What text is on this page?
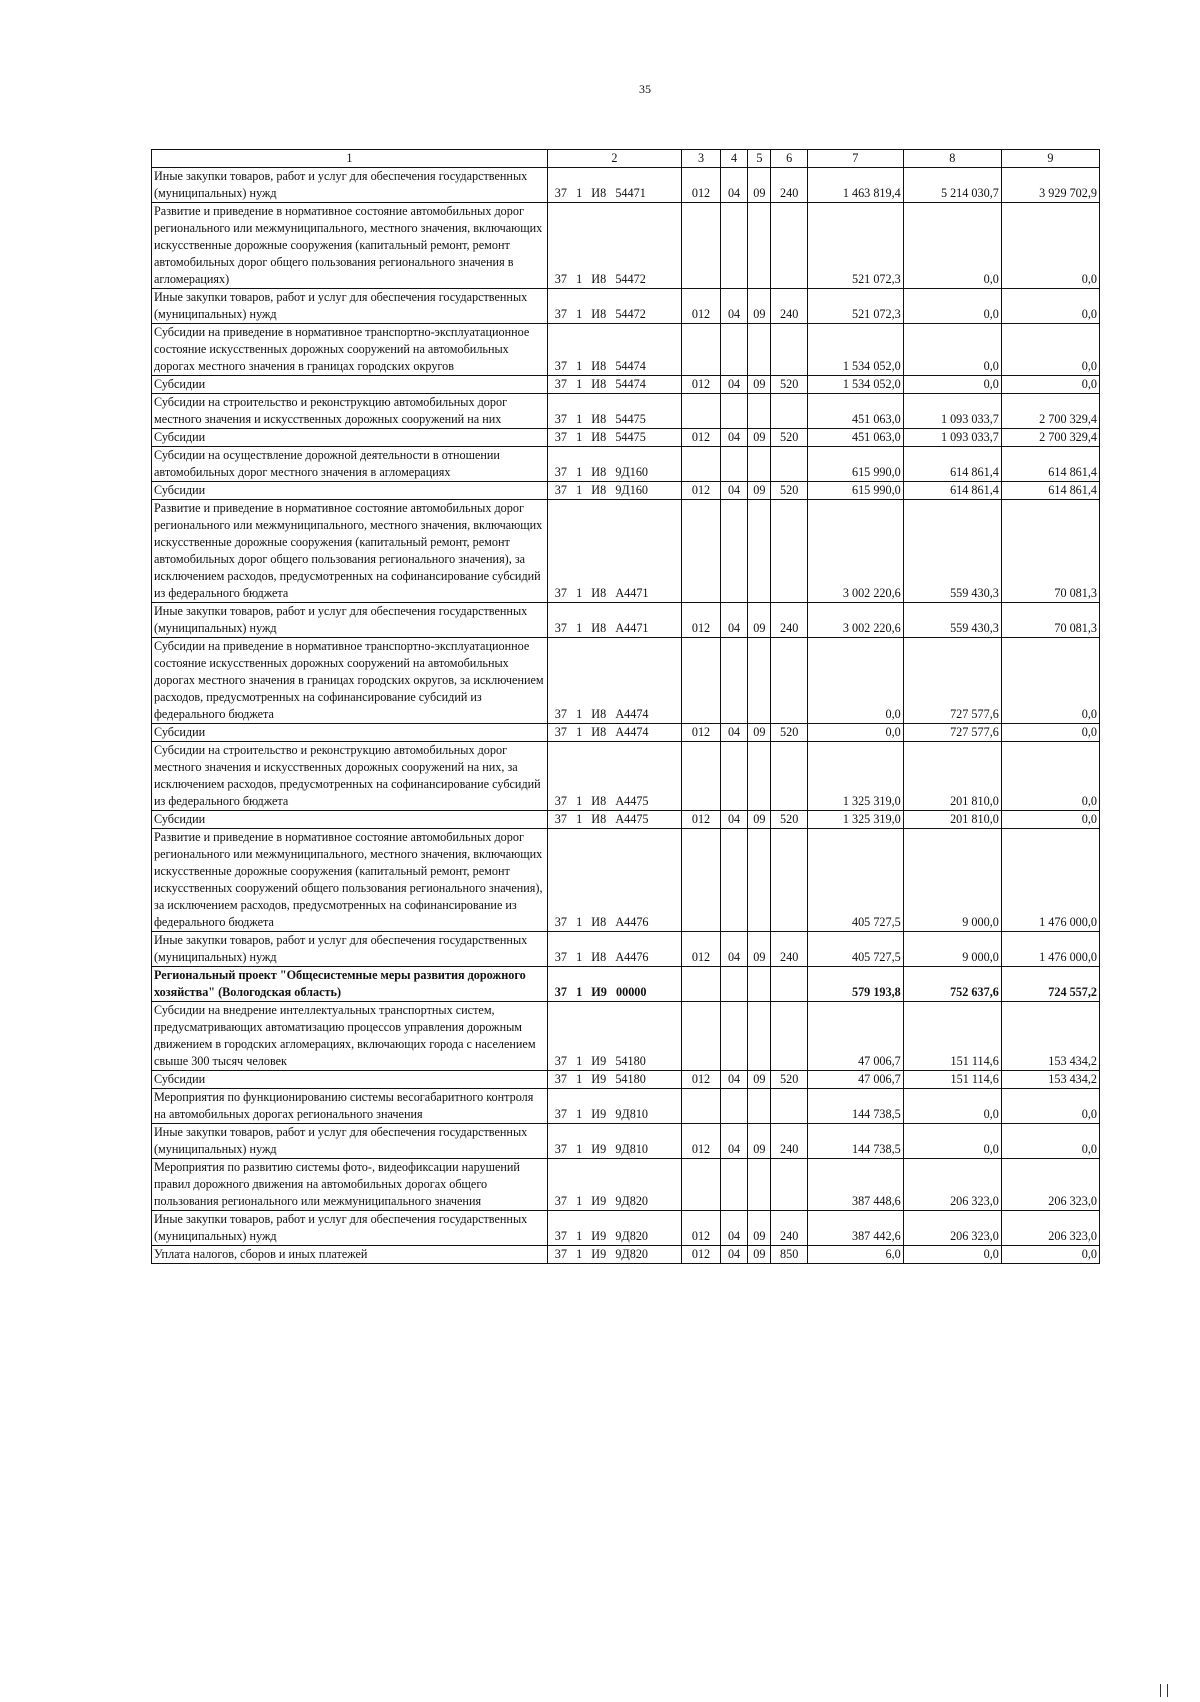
35
1	2	3	4	5	6	7	8	9
Иные закупки товаров, работ и услуг для обеспечения государственных (муниципальных) нужд	37   1   И8   54471	012	04	09	240	1 463 819,4	5 214 030,7	3 929 702,9
Развитие и приведение в нормативное состояние автомобильных дорог регионального или межмуниципального, местного значения, включающих искусственные дорожные сооружения (капитальный ремонт, ремонт автомобильных дорог общего пользования регионального значения в агломерациях)	37   1   И8   54472					521 072,3	0,0	0,0
Иные закупки товаров, работ и услуг для обеспечения государственных (муниципальных) нужд	37   1   И8   54472	012	04	09	240	521 072,3	0,0	0,0
Субсидии на приведение в нормативное транспортно-эксплуатационное состояние искусственных дорожных сооружений на автомобильных дорогах местного значения в границах городских округов	37   1   И8   54474					1 534 052,0	0,0	0,0
Субсидии	37   1   И8   54474	012	04	09	520	1 534 052,0	0,0	0,0
Субсидии на строительство и реконструкцию автомобильных дорог местного значения и искусственных дорожных сооружений на них	37   1   И8   54475					451 063,0	1 093 033,7	2 700 329,4
Субсидии	37   1   И8   54475	012	04	09	520	451 063,0	1 093 033,7	2 700 329,4
Субсидии на осуществление дорожной деятельности в отношении автомобильных дорог местного значения в агломерациях	37   1   И8   9Д160					615 990,0	614 861,4	614 861,4
Субсидии	37   1   И8   9Д160	012	04	09	520	615 990,0	614 861,4	614 861,4
Развитие и приведение в нормативное состояние автомобильных дорог регионального или межмуниципального, местного значения, включающих искусственные дорожные сооружения (капитальный ремонт, ремонт автомобильных дорог общего пользования регионального значения), за исключением расходов, предусмотренных на софинансирование субсидий из федерального бюджета	37   1   И8   А4471					3 002 220,6	559 430,3	70 081,3
Иные закупки товаров, работ и услуг для обеспечения государственных (муниципальных) нужд	37   1   И8   А4471	012	04	09	240	3 002 220,6	559 430,3	70 081,3
Субсидии на приведение в нормативное транспортно-эксплуатационное состояние искусственных дорожных сооружений на автомобильных дорогах местного значения в границах городских округов, за исключением расходов, предусмотренных на софинансирование субсидий из федерального бюджета	37   1   И8   А4474					0,0	727 577,6	0,0
Субсидии	37   1   И8   А4474	012	04	09	520	0,0	727 577,6	0,0
Субсидии на строительство и реконструкцию автомобильных дорог местного значения и искусственных дорожных сооружений на них, за исключением расходов, предусмотренных на софинансирование субсидий из федерального бюджета	37   1   И8   А4475					1 325 319,0	201 810,0	0,0
Субсидии	37   1   И8   А4475	012	04	09	520	1 325 319,0	201 810,0	0,0
Развитие и приведение в нормативное состояние автомобильных дорог регионального или межмуниципального, местного значения, включающих искусственные дорожные сооружения (капитальный ремонт, ремонт искусственных сооружений общего пользования регионального значения), за исключением расходов, предусмотренных на софинансирование из федерального бюджета	37   1   И8   А4476					405 727,5	9 000,0	1 476 000,0
Иные закупки товаров, работ и услуг для обеспечения государственных (муниципальных) нужд	37   1   И8   А4476	012	04	09	240	405 727,5	9 000,0	1 476 000,0
Региональный проект "Общесистемные меры развития дорожного хозяйства" (Вологодская область)	37   1   И9   00000					579 193,8	752 637,6	724 557,2
Субсидии на внедрение интеллектуальных транспортных систем, предусматривающих автоматизацию процессов управления дорожным движением в городских агломерациях, включающих города с населением свыше 300 тысяч человек	37   1   И9   54180					47 006,7	151 114,6	153 434,2
Субсидии	37   1   И9   54180	012	04	09	520	47 006,7	151 114,6	153 434,2
Мероприятия по функционированию системы весогабаритного контроля на автомобильных дорогах регионального значения	37   1   И9   9Д810					144 738,5	0,0	0,0
Иные закупки товаров, работ и услуг для обеспечения государственных (муниципальных) нужд	37   1   И9   9Д810	012	04	09	240	144 738,5	0,0	0,0
Мероприятия по развитию системы фото-, видеофиксации нарушений правил дорожного движения на автомобильных дорогах общего пользования регионального или межмуниципального значения	37   1   И9   9Д820					387 448,6	206 323,0	206 323,0
Иные закупки товаров, работ и услуг для обеспечения государственных (муниципальных) нужд	37   1   И9   9Д820	012	04	09	240	387 442,6	206 323,0	206 323,0
Уплата налогов, сборов и иных платежей	37   1   И9   9Д820	012	04	09	850	6,0	0,0	0,0
